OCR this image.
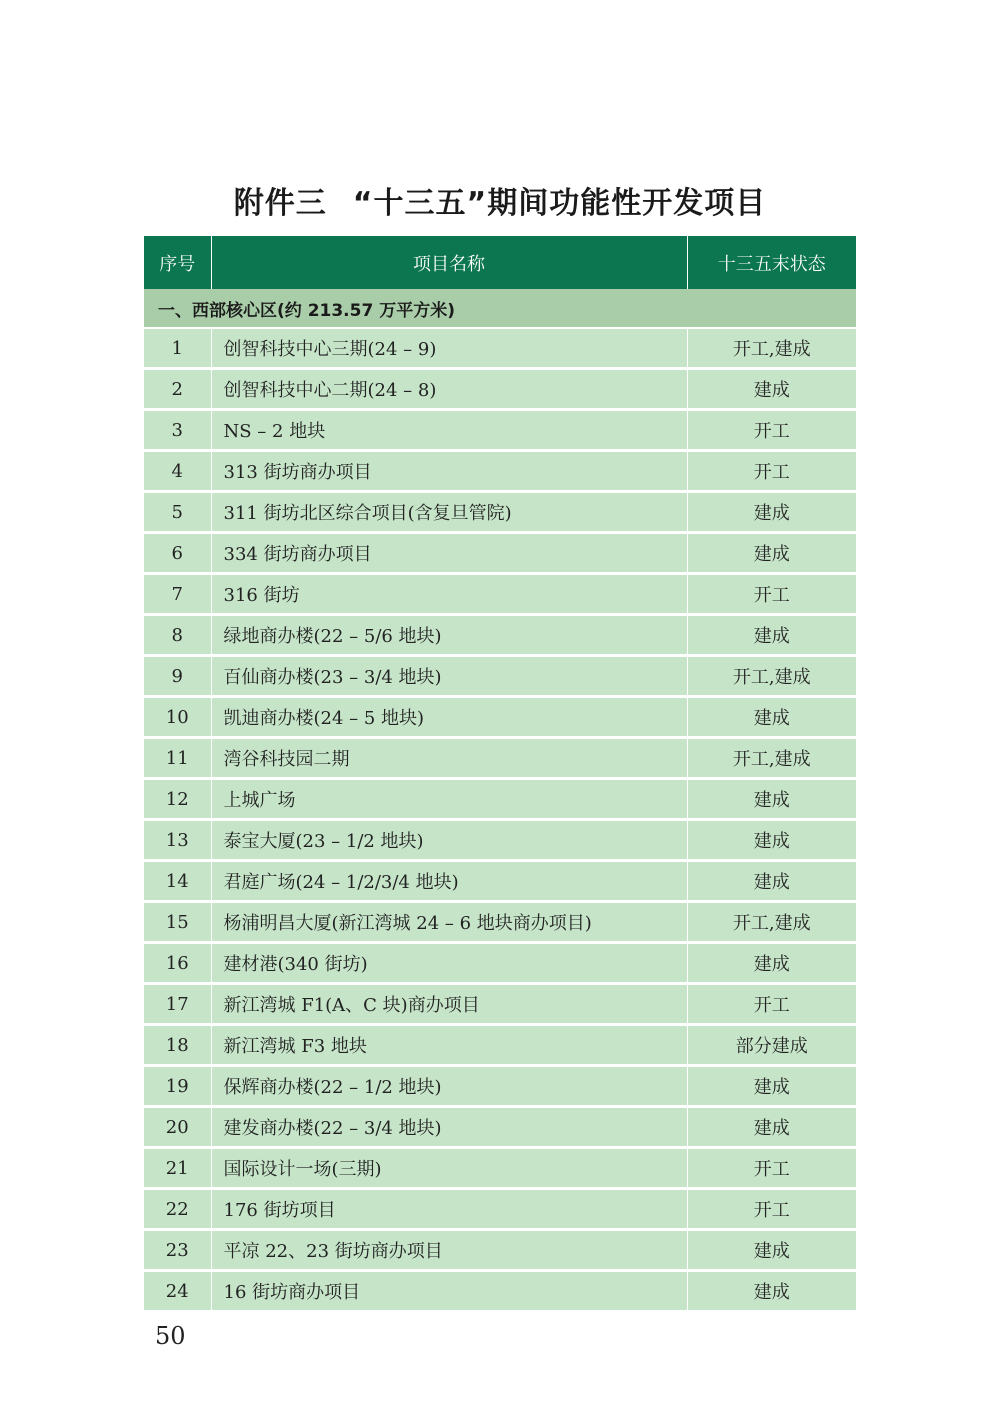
附件三 “十三五”期间功能性开发项目
序号	项目名称	十三五末状态
一、西部核心区(约 213.57 万平方米)		
1	创智科技中心三期(24 – 9)	开工,建成
2	创智科技中心二期(24 – 8)	建成
3	NS – 2 地块	开工
4	313 街坊商办项目	开工
5	311 街坊北区综合项目(含复旦管院)	建成
6	334 街坊商办项目	建成
7	316 街坊	开工
8	绿地商办楼(22 – 5/6 地块)	建成
9	百仙商办楼(23 – 3/4 地块)	开工,建成
10	凯迪商办楼(24 – 5 地块)	建成
11	湾谷科技园二期	开工,建成
12	上城广场	建成
13	泰宝大厦(23 – 1/2 地块)	建成
14	君庭广场(24 – 1/2/3/4 地块)	建成
15	杨浦明昌大厦(新江湾城 24 – 6 地块商办项目)	开工,建成
16	建材港(340 街坊)	建成
17	新江湾城 F1(A、C 块)商办项目	开工
18	新江湾城 F3 地块	部分建成
19	保辉商办楼(22 – 1/2 地块)	建成
20	建发商办楼(22 – 3/4 地块)	建成
21	国际设计一场(三期)	开工
22	176 街坊项目	开工
23	平凉 22、23 街坊商办项目	建成
24	16 街坊商办项目	建成
50
